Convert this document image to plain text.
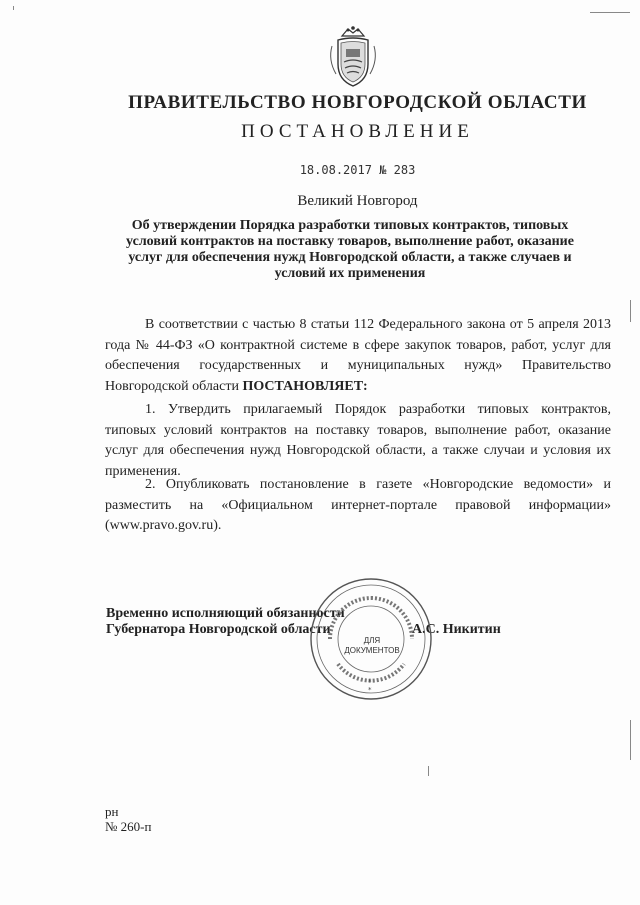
ПРАВИТЕЛЬСТВО НОВГОРОДСКОЙ ОБЛАСТИ
ПОСТАНОВЛЕНИЕ
18.08.2017 № 283
Великий Новгород
Об утверждении Порядка разработки типовых контрактов, типовых условий контрактов на поставку товаров, выполнение работ, оказание услуг для обеспечения нужд Новгородской области, а также случаев и условий их применения
В соответствии с частью 8 статьи 112 Федерального закона от 5 апреля 2013 года № 44-ФЗ «О контрактной системе в сфере закупок товаров, работ, услуг для обеспечения государственных и муниципальных нужд» Правительство Новгородской области ПОСТАНОВЛЯЕТ:
1. Утвердить прилагаемый Порядок разработки типовых контрактов, типовых условий контрактов на поставку товаров, выполнение работ, оказание услуг для обеспечения нужд Новгородской области, а также случаи и условия их применения.
2. Опубликовать постановление в газете «Новгородские ведомости» и разместить на «Официальном интернет-портале правовой информации» (www.pravo.gov.ru).
Временно исполняющий обязанности
Губернатора Новгородской области	А.С. Никитин
*
*
ДЛЯ ДОКУМЕНТОВ
рн
№ 260-п
